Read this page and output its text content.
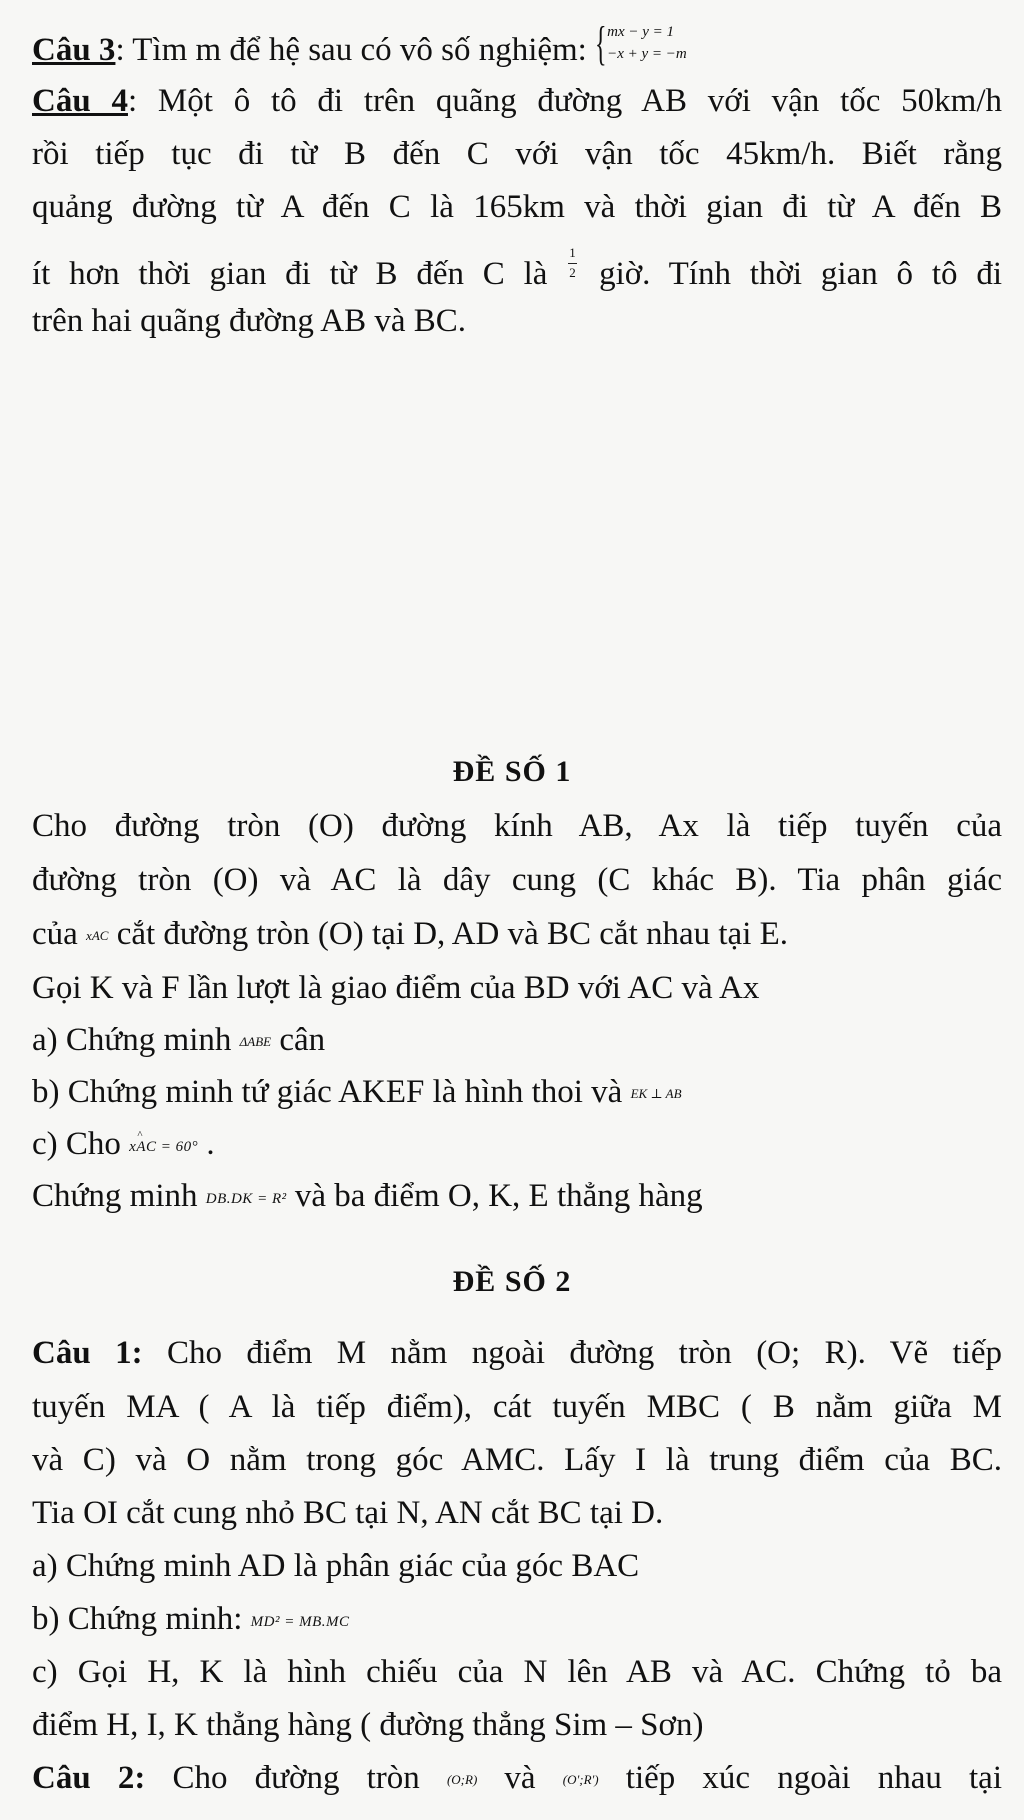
Câu 3: Tìm m để hệ sau có vô số nghiệm: { mx − y = 1
−x + y = −m
Câu 4: Một ô tô đi trên quãng đường AB với vận tốc 50km/h
rồi tiếp tục đi từ B đến C với vận tốc 45km/h. Biết rằng
quảng đường từ A đến C là 165km và thời gian đi từ A đến B
ít hơn thời gian đi từ B đến C là $\frac{1}{2}$ giờ. Tính thời gian ô tô đi
trên hai quãng đường AB và BC.
ĐỀ SỐ 1
Cho đường tròn (O) đường kính AB, Ax là tiếp tuyến của
đường tròn (O) và AC là dây cung (C khác B). Tia phân giác
của xAC cắt đường tròn (O) tại D, AD và BC cắt nhau tại E.
Gọi K và F lần lượt là giao điểm của BD với AC và Ax
a) Chứng minh ΔABE cân
b) Chứng minh tứ giác AKEF là hình thoi và EK ⊥ AB
c) Cho x^ AC = 60° .
Chứng minh DB.DK = R² và ba điểm O, K, E thẳng hàng
ĐỀ SỐ 2
Câu 1: Cho điểm M nằm ngoài đường tròn (O; R). Vẽ tiếp
tuyến MA ( A là tiếp điểm), cát tuyến MBC ( B nằm giữa M
và C) và O nằm trong góc AMC. Lấy I là trung điểm của BC.
Tia OI cắt cung nhỏ BC tại N, AN cắt BC tại D.
a) Chứng minh AD là phân giác của góc BAC
b) Chứng minh: MD² = MB.MC
c) Gọi H, K là hình chiếu của N lên AB và AC. Chứng tỏ ba
điểm H, I, K thẳng hàng ( đường thẳng Sim – Sơn)
Câu 2: Cho đường tròn (O;R) và (O';R') tiếp xúc ngoài nhau tại
